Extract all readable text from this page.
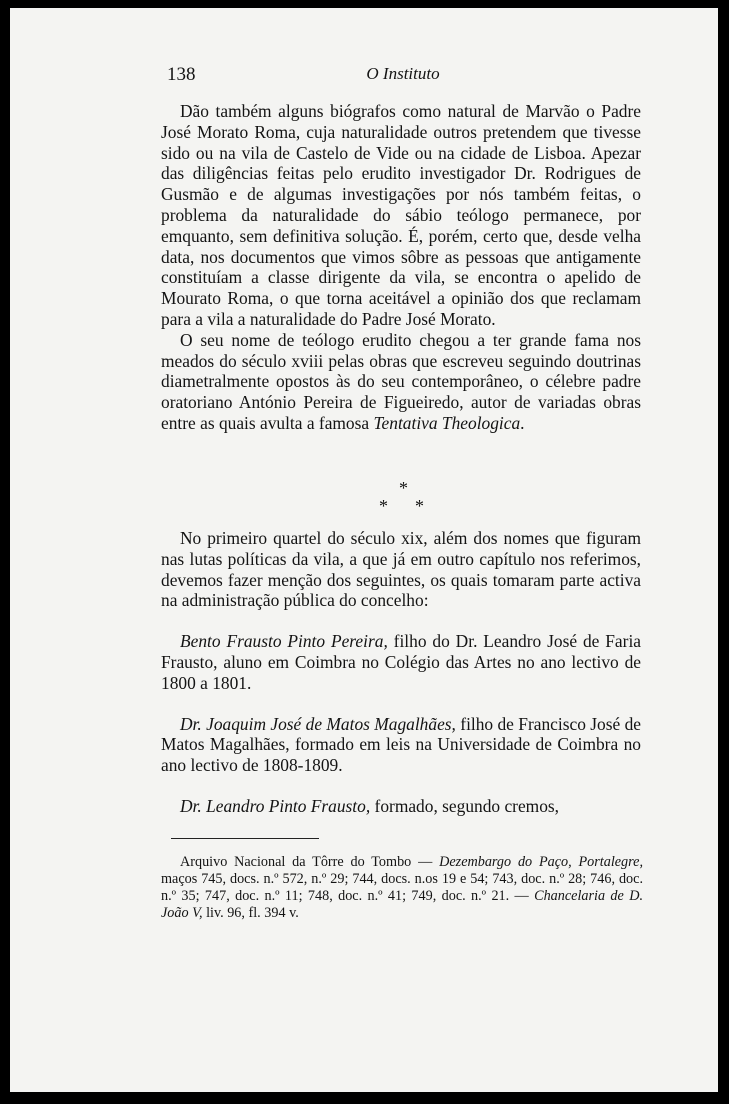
138	O Instituto

Dão também alguns biógrafos como natural de Marvão o Padre José Morato Roma, cuja naturalidade outros pretendem que tivesse sido ou na vila de Castelo de Vide ou na cidade de Lisboa. Apezar das diligências feitas pelo erudito investigador Dr. Rodrigues de Gusmão e de algumas investigações por nós também feitas, o problema da naturalidade do sábio teólogo permanece, por emquanto, sem definitiva solução. É, porém, certo que, desde velha data, nos documentos que vimos sôbre as pessoas que antigamente constituíam a classe dirigente da vila, se encontra o apelido de Mourato Roma, o que torna aceitável a opinião dos que reclamam para a vila a naturalidade do Padre José Morato.

O seu nome de teólogo erudito chegou a ter grande fama nos meados do século xviii pelas obras que escreveu seguindo doutrinas diametralmente opostos às do seu contemporâneo, o célebre padre oratoriano António Pereira de Figueiredo, autor de variadas obras entre as quais avulta a famosa Tentativa Theologica.

*
* *

No primeiro quartel do século xix, além dos nomes que figuram nas lutas políticas da vila, a que já em outro capítulo nos referimos, devemos fazer menção dos seguintes, os quais tomaram parte activa na administração pública do concelho:

Bento Frausto Pinto Pereira, filho do Dr. Leandro José de Faria Frausto, aluno em Coimbra no Colégio das Artes no ano lectivo de 1800 a 1801.

Dr. Joaquim José de Matos Magalhães, filho de Francisco José de Matos Magalhães, formado em leis na Universidade de Coimbra no ano lectivo de 1808-1809.

Dr. Leandro Pinto Frausto, formado, segundo cremos,

Arquivo Nacional da Tôrre do Tombo — Dezembargo do Paço, Portalegre, maços 745, docs. n.º 572, n.º 29; 744, docs. n.os 19 e 54; 743, doc. n.º 28; 746, doc. n.º 35; 747, doc. n.º 11; 748, doc. n.º 41; 749, doc. n.º 21. — Chancelaria de D. João V, liv. 96, fl. 394 v.
